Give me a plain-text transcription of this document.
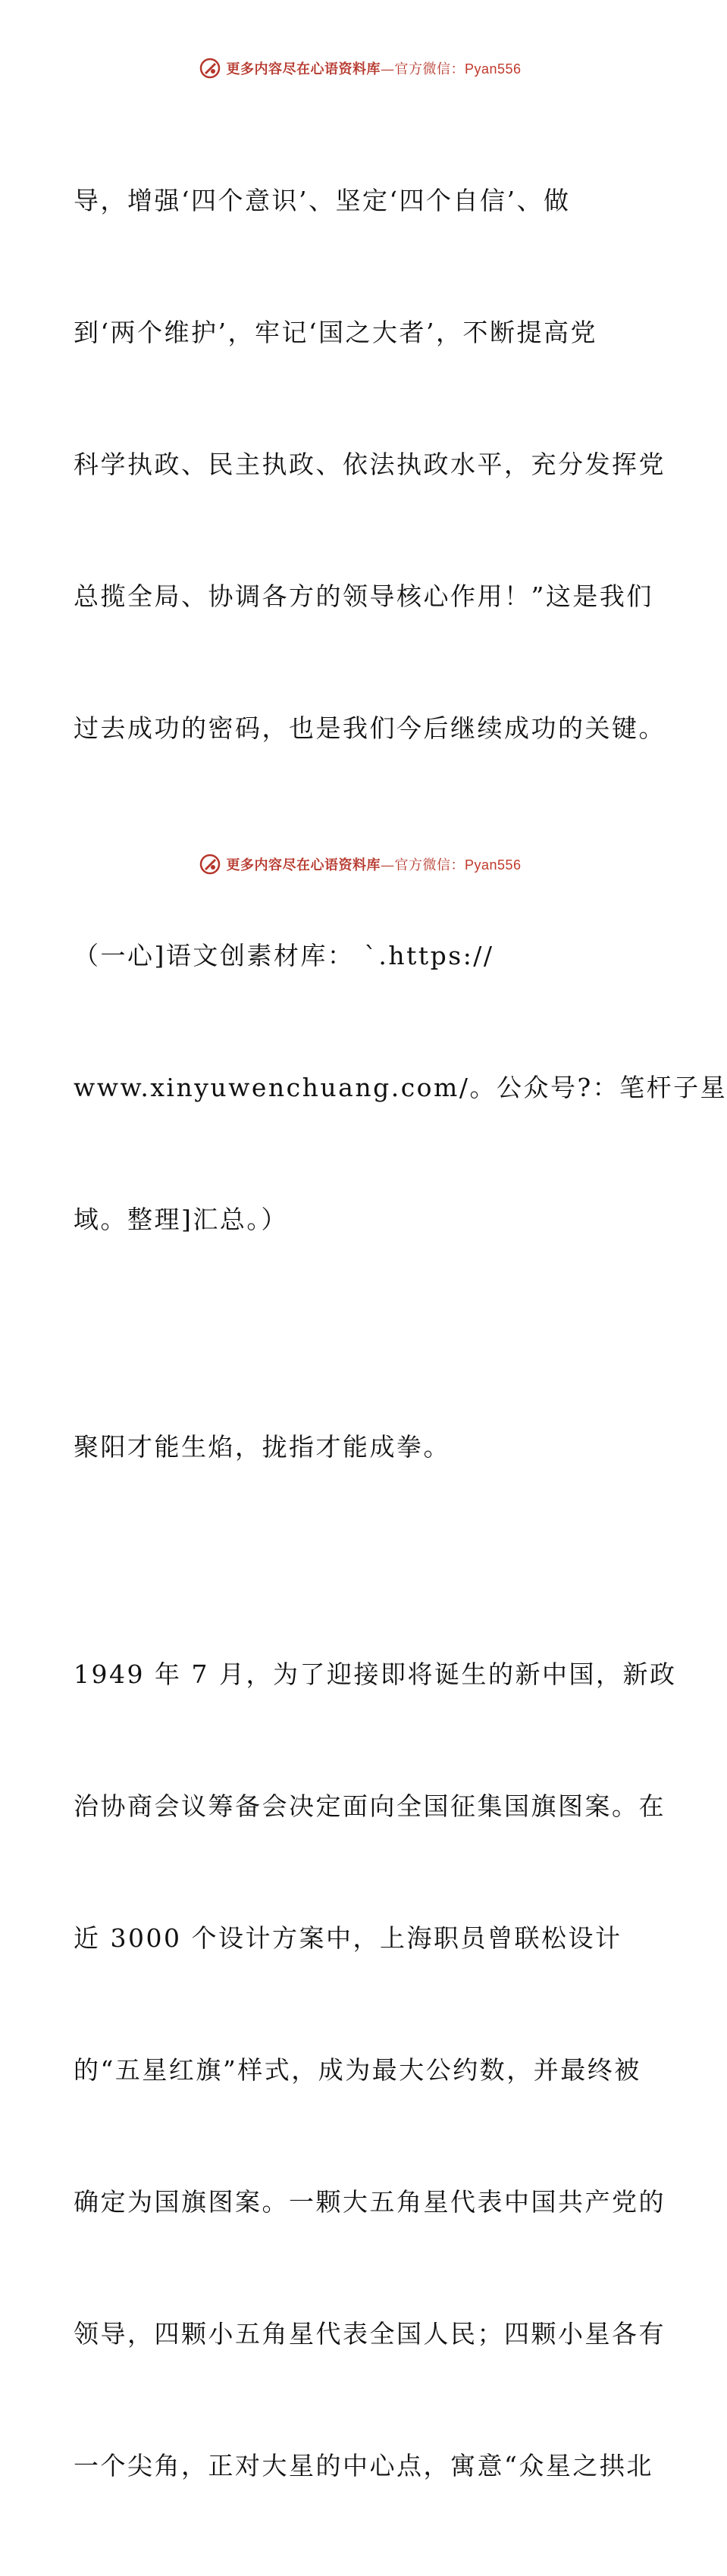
更多内容尽在心语资料库—官方微信：Pyan556

导，增强‘四个意识’、坚定‘四个自信’、做

到‘两个维护’，牢记‘国之大者’，不断提高党

科学执政、民主执政、依法执政水平，充分发挥党

总揽全局、协调各方的领导核心作用！”这是我们

过去成功的密码，也是我们今后继续成功的关键。

（一心]语文创素材库： `.https://

www.xinyuwenchuang.com/。公众号?：笔杆子星

域。整理]汇总。）

聚阳才能生焰，拢指才能成拳。

1949 年 7 月，为了迎接即将诞生的新中国，新政

治协商会议筹备会决定面向全国征集国旗图案。在

近 3000 个设计方案中，上海职员曾联松设计

的“五星红旗”样式，成为最大公约数，并最终被

确定为国旗图案。一颗大五角星代表中国共产党的

领导，四颗小五角星代表全国人民；四颗小星各有

一个尖角，正对大星的中心点，寓意“众星之拱北

更多内容尽在心语资料库—官方微信：Pyan556
